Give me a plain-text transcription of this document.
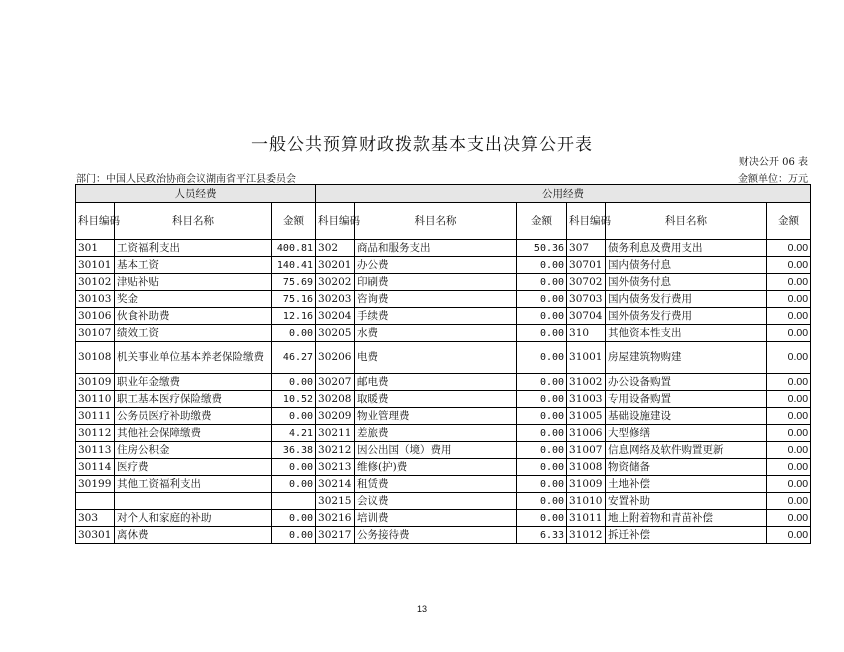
一般公共预算财政拨款基本支出决算公开表
财决公开 06 表
部门：中国人民政治协商会议湖南省平江县委员会	金额单位：万元
人员经费			公用经费					
科目编码	科目名称	金额	科目编码	科目名称	金额	科目编码	科目名称	金额
301	工资福利支出	400.81	302	商品和服务支出	50.36	307	债务利息及费用支出	0.00
30101	基本工资	140.41	30201	办公费	0.00	30701	国内债务付息	0.00
30102	津贴补贴	75.69	30202	印刷费	0.00	30702	国外债务付息	0.00
30103	奖金	75.16	30203	咨询费	0.00	30703	国内债务发行费用	0.00
30106	伙食补助费	12.16	30204	手续费	0.00	30704	国外债务发行费用	0.00
30107	绩效工资	0.00	30205	水费	0.00	310	其他资本性支出	0.00
30108	机关事业单位基本养老保险缴费	46.27	30206	电费	0.00	31001	房屋建筑物购建	0.00
30109	职业年金缴费	0.00	30207	邮电费	0.00	31002	办公设备购置	0.00
30110	职工基本医疗保险缴费	10.52	30208	取暖费	0.00	31003	专用设备购置	0.00
30111	公务员医疗补助缴费	0.00	30209	物业管理费	0.00	31005	基础设施建设	0.00
30112	其他社会保障缴费	4.21	30211	差旅费	0.00	31006	大型修缮	0.00
30113	住房公积金	36.38	30212	因公出国（境）费用	0.00	31007	信息网络及软件购置更新	0.00
30114	医疗费	0.00	30213	维修(护)费	0.00	31008	物资储备	0.00
30199	其他工资福利支出	0.00	30214	租赁费	0.00	31009	土地补偿	0.00
			30215	会议费	0.00	31010	安置补助	0.00
303	对个人和家庭的补助	0.00	30216	培训费	0.00	31011	地上附着物和青苗补偿	0.00
30301	离休费	0.00	30217	公务接待费	6.33	31012	拆迁补偿	0.00
13
